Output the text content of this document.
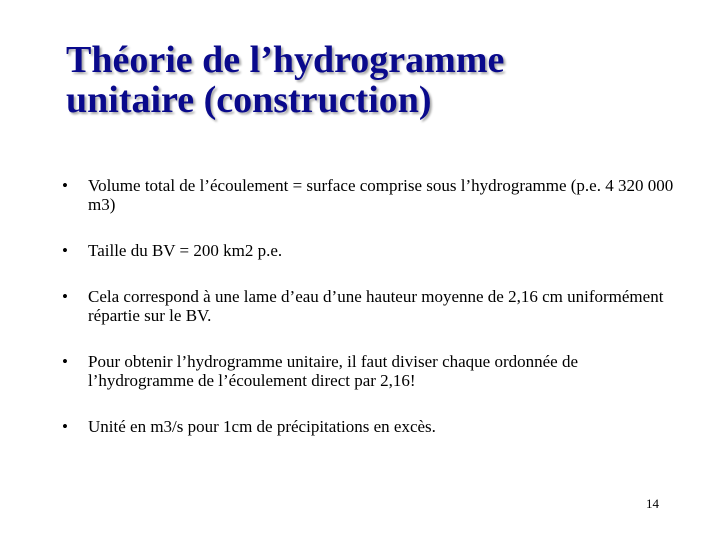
Théorie de l’hydrogramme
unitaire (construction)
• Volume total de l’écoulement = surface comprise sous l’hydrogramme (p.e. 4 320 000 m3)
• Taille du BV = 200 km2 p.e.
• Cela correspond à une lame d’eau d’une hauteur moyenne de 2,16 cm uniformément répartie sur le BV.
• Pour obtenir l’hydrogramme unitaire, il faut diviser chaque ordonnée de l’hydrogramme de l’écoulement direct par 2,16!
• Unité en m3/s pour 1cm de précipitations en excès.
14
